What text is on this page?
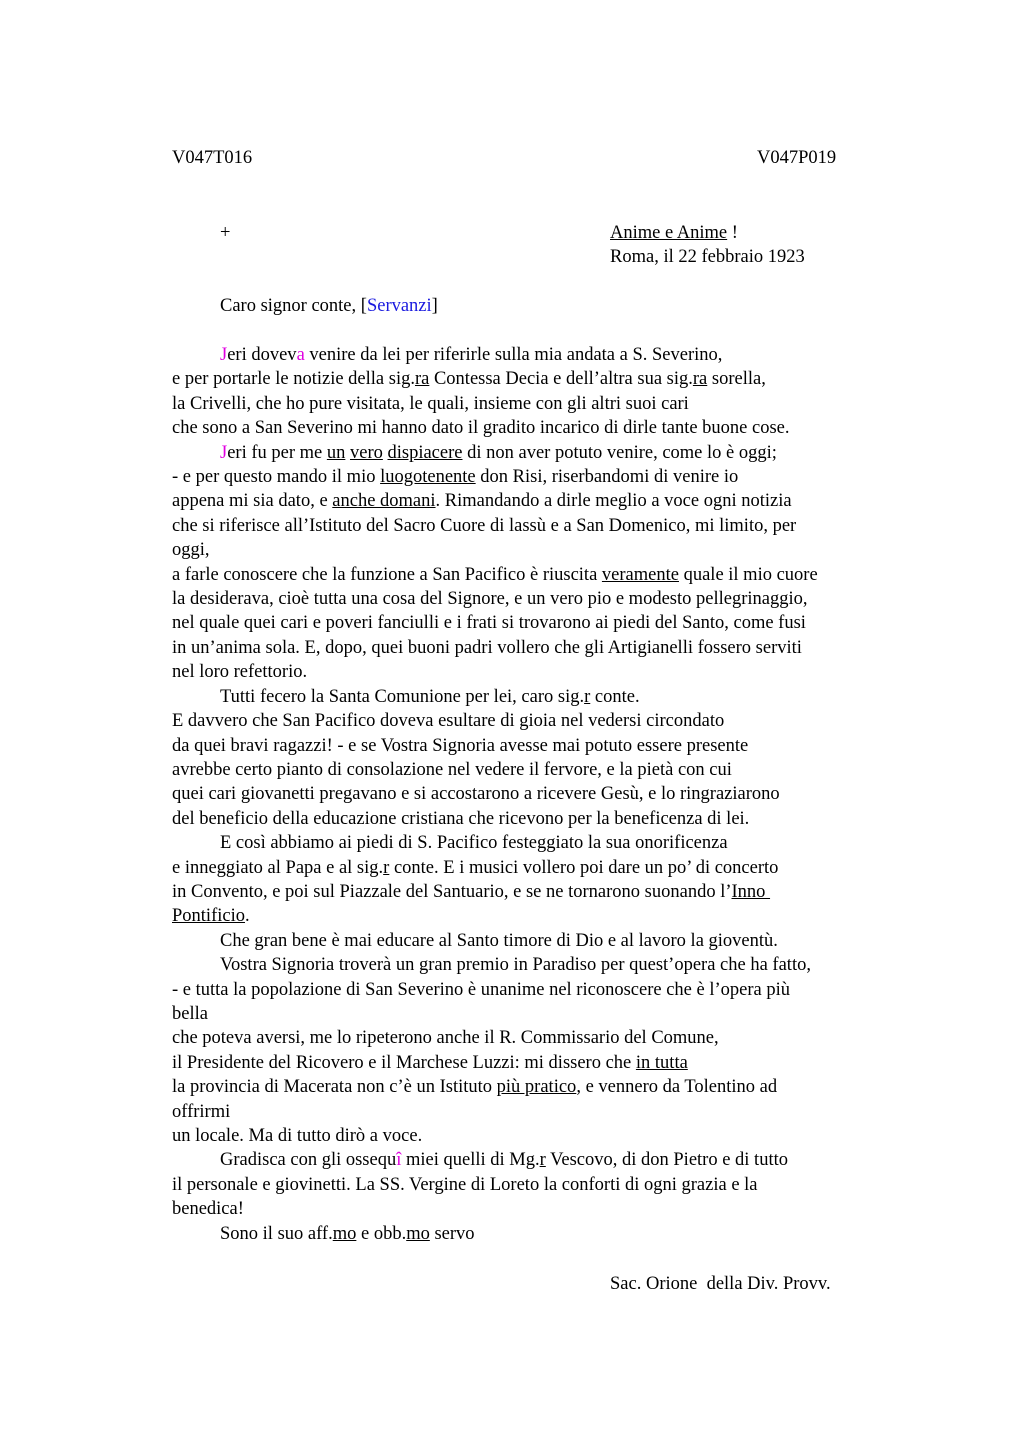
V047T016	V047P019
+	Anime e Anime !
Roma, il 22 febbraio 1923
Caro signor conte, [Servanzi]
Jeri doveva venire da lei per riferirle sulla mia andata a S. Severino,
e per portarle le notizie della sig.ra Contessa Decia e dell’altra sua sig.ra sorella,
la Crivelli, che ho pure visitata, le quali, insieme con gli altri suoi cari
che sono a San Severino mi hanno dato il gradito incarico di dirle tante buone cose.
Jeri fu per me un vero dispiacere di non aver potuto venire, come lo è oggi;
- e per questo mando il mio luogotenente don Risi, riserbandomi di venire io
appena mi sia dato, e anche domani. Rimandando a dirle meglio a voce ogni notizia
che si riferisce all’Istituto del Sacro Cuore di lassù e a San Domenico, mi limito, per
oggi,
a farle conoscere che la funzione a San Pacifico è riuscita veramente quale il mio cuore
la desiderava, cioè tutta una cosa del Signore, e un vero pio e modesto pellegrinaggio,
nel quale quei cari e poveri fanciulli e i frati si trovarono ai piedi del Santo, come fusi
in un’anima sola. E, dopo, quei buoni padri vollero che gli Artigianelli fossero serviti
nel loro refettorio.
Tutti fecero la Santa Comunione per lei, caro sig.r conte.
E davvero che San Pacifico doveva esultare di gioia nel vedersi circondato
da quei bravi ragazzi! - e se Vostra Signoria avesse mai potuto essere presente
avrebbe certo pianto di consolazione nel vedere il fervore, e la pietà con cui
quei cari giovanetti pregavano e si accostarono a ricevere Gesù, e lo ringraziarono
del beneficio della educazione cristiana che ricevono per la beneficenza di lei.
E così abbiamo ai piedi di S. Pacifico festeggiato la sua onorificenza
e inneggiato al Papa e al sig.r conte. E i musici vollero poi dare un po’ di concerto
in Convento, e poi sul Piazzale del Santuario, e se ne tornarono suonando l’Inno
Pontificio.
Che gran bene è mai educare al Santo timore di Dio e al lavoro la gioventù.
Vostra Signoria troverà un gran premio in Paradiso per quest’opera che ha fatto,
- e tutta la popolazione di San Severino è unanime nel riconoscere che è l’opera più
bella
che poteva aversi, me lo ripeterono anche il R. Commissario del Comune,
il Presidente del Ricovero e il Marchese Luzzi: mi dissero che in tutta
la provincia di Macerata non c’è un Istituto più pratico, e vennero da Tolentino ad
offrirmi
un locale. Ma di tutto dirò a voce.
Gradisca con gli ossequî miei quelli di Mg.r Vescovo, di don Pietro e di tutto
il personale e giovinetti. La SS. Vergine di Loreto la conforti di ogni grazia e la
benedica!
Sono il suo aff.mo e obb.mo servo
Sac. Orione  della Div. Provv.
